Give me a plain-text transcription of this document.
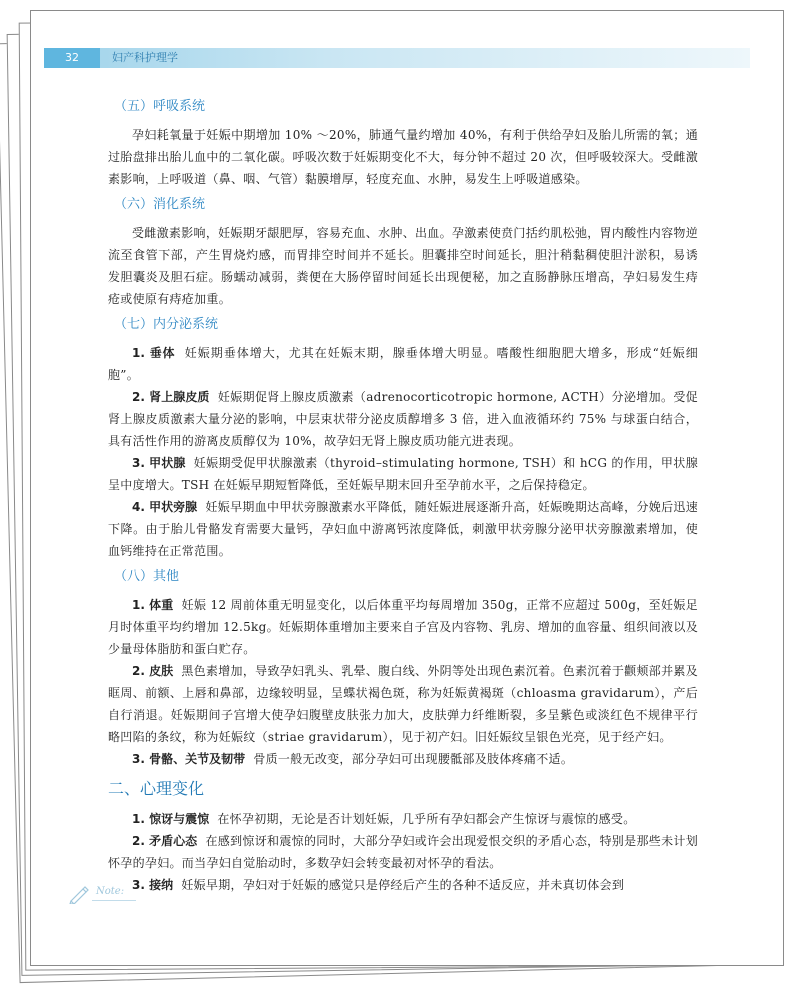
32	妇产科护理学
（五）呼吸系统

孕妇耗氧量于妊娠中期增加 10% ～20%，肺通气量约增加 40%，有利于供给孕妇及胎儿所需的氧；通过胎盘排出胎儿血中的二氧化碳。呼吸次数于妊娠期变化不大，每分钟不超过 20 次，但呼吸较深大。受雌激素影响，上呼吸道（鼻、咽、气管）黏膜增厚，轻度充血、水肿，易发生上呼吸道感染。

（六）消化系统

受雌激素影响，妊娠期牙龈肥厚，容易充血、水肿、出血。孕激素使贲门括约肌松弛，胃内酸性内容物逆流至食管下部，产生胃烧灼感，而胃排空时间并不延长。胆囊排空时间延长，胆汁稍黏稠使胆汁淤积，易诱发胆囊炎及胆石症。肠蠕动减弱，粪便在大肠停留时间延长出现便秘，加之直肠静脉压增高，孕妇易发生痔疮或使原有痔疮加重。

（七）内分泌系统

1. 垂体 妊娠期垂体增大，尤其在妊娠末期，腺垂体增大明显。嗜酸性细胞肥大增多，形成“妊娠细胞”。

2. 肾上腺皮质 妊娠期促肾上腺皮质激素（adrenocorticotropic hormone, ACTH）分泌增加。受促肾上腺皮质激素大量分泌的影响，中层束状带分泌皮质醇增多 3 倍，进入血液循环约 75% 与球蛋白结合，具有活性作用的游离皮质醇仅为 10%，故孕妇无肾上腺皮质功能亢进表现。

3. 甲状腺 妊娠期受促甲状腺激素（thyroid–stimulating hormone, TSH）和 hCG 的作用，甲状腺呈中度增大。TSH 在妊娠早期短暂降低，至妊娠早期末回升至孕前水平，之后保持稳定。

4. 甲状旁腺 妊娠早期血中甲状旁腺激素水平降低，随妊娠进展逐渐升高，妊娠晚期达高峰，分娩后迅速下降。由于胎儿骨骼发育需要大量钙，孕妇血中游离钙浓度降低，刺激甲状旁腺分泌甲状旁腺激素增加，使血钙维持在正常范围。

（八）其他

1. 体重 妊娠 12 周前体重无明显变化，以后体重平均每周增加 350g，正常不应超过 500g，至妊娠足月时体重平均约增加 12.5kg。妊娠期体重增加主要来自子宫及内容物、乳房、增加的血容量、组织间液以及少量母体脂肪和蛋白贮存。

2. 皮肤 黑色素增加，导致孕妇乳头、乳晕、腹白线、外阴等处出现色素沉着。色素沉着于颧颊部并累及眶周、前额、上唇和鼻部，边缘较明显，呈蝶状褐色斑，称为妊娠黄褐斑（chloasma gravidarum），产后自行消退。妊娠期间子宫增大使孕妇腹壁皮肤张力加大，皮肤弹力纤维断裂，多呈紫色或淡红色不规律平行略凹陷的条纹，称为妊娠纹（striae gravidarum），见于初产妇。旧妊娠纹呈银色光亮，见于经产妇。

3. 骨骼、关节及韧带 骨质一般无改变，部分孕妇可出现腰骶部及肢体疼痛不适。

二、心理变化

1. 惊讶与震惊 在怀孕初期，无论是否计划妊娠，几乎所有孕妇都会产生惊讶与震惊的感受。

2. 矛盾心态 在感到惊讶和震惊的同时，大部分孕妇或许会出现爱恨交织的矛盾心态，特别是那些未计划怀孕的孕妇。而当孕妇自觉胎动时，多数孕妇会转变最初对怀孕的看法。

3. 接纳 妊娠早期，孕妇对于妊娠的感觉只是停经后产生的各种不适反应，并未真切体会到

Note:
